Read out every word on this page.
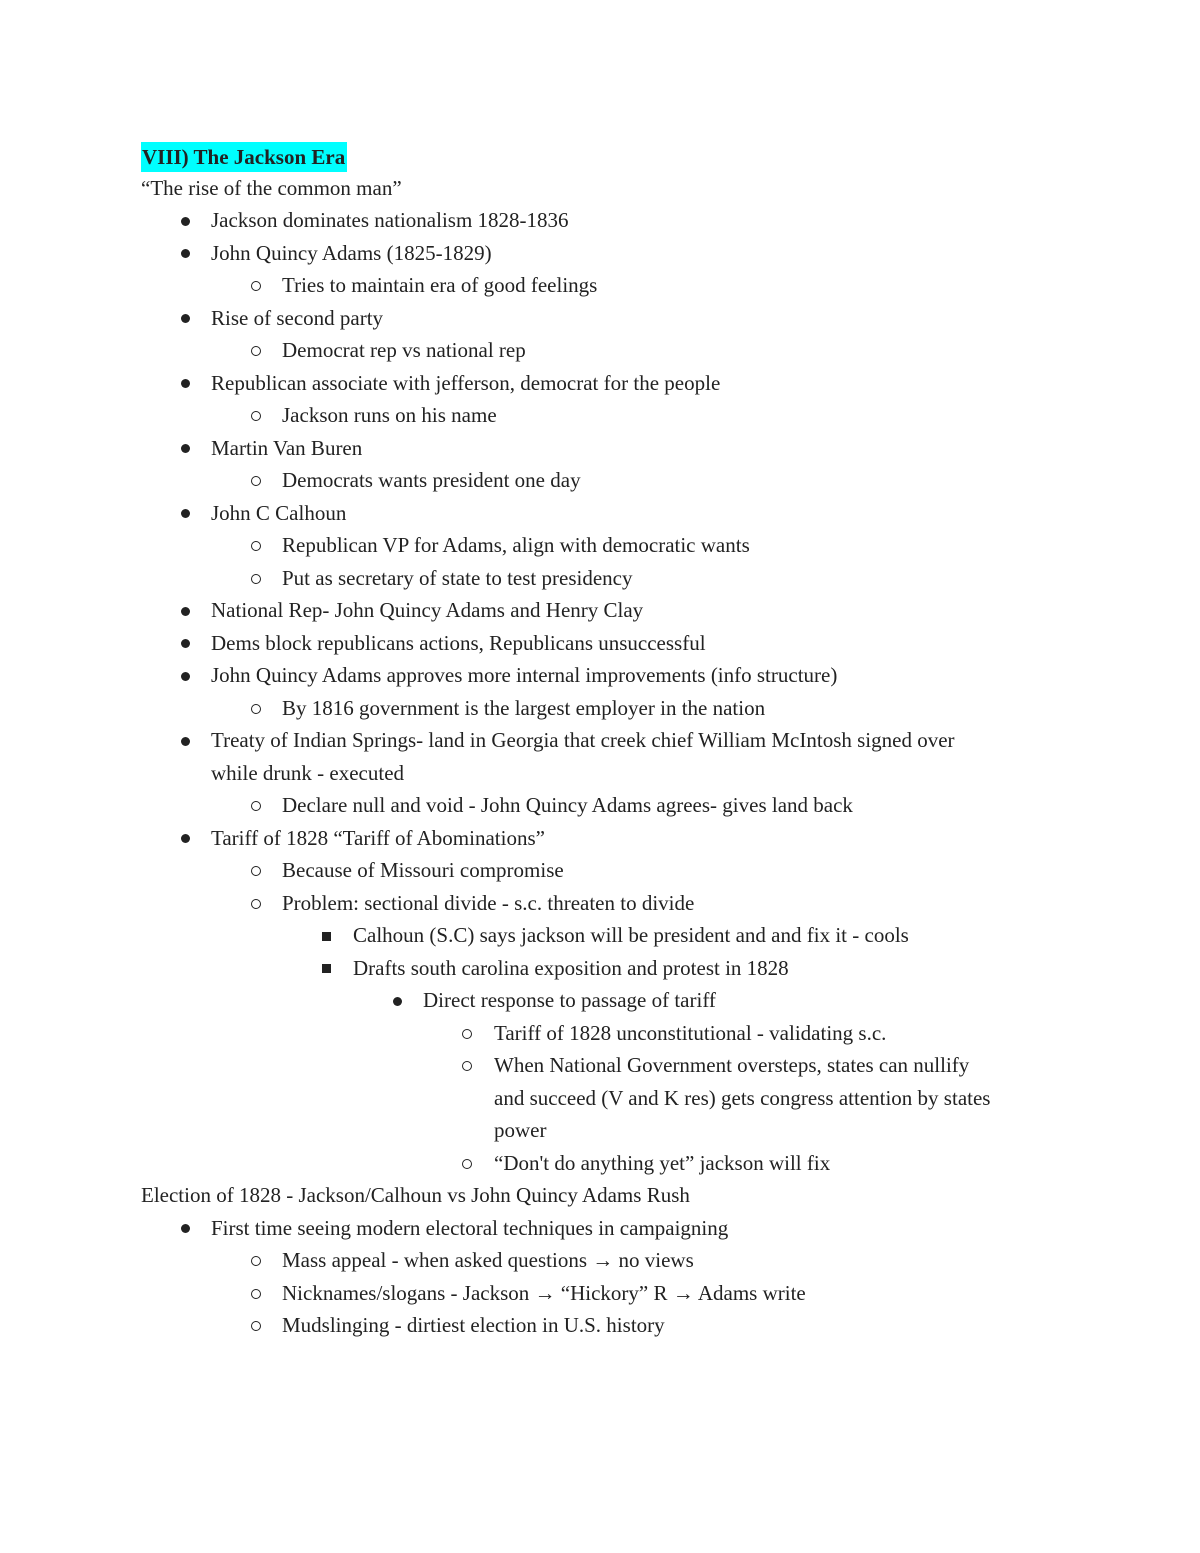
VIII) The Jackson Era
“The rise of the common man”
Jackson dominates nationalism 1828-1836
John Quincy Adams (1825-1829)
Tries to maintain era of good feelings
Rise of second party
Democrat rep vs national rep
Republican associate with jefferson, democrat for the people
Jackson runs on his name
Martin Van Buren
Democrats wants president one day
John C Calhoun
Republican VP for Adams, align with democratic wants
Put as secretary of state to test presidency
National Rep- John Quincy Adams and Henry Clay
Dems block republicans actions, Republicans unsuccessful
John Quincy Adams approves more internal improvements (info structure)
By 1816 government is the largest employer in the nation
Treaty of Indian Springs- land in Georgia that creek chief William McIntosh signed over
while drunk - executed
Declare null and void - John Quincy Adams agrees- gives land back
Tariff of 1828 “Tariff of Abominations”
Because of Missouri compromise
Problem: sectional divide - s.c. threaten to divide
Calhoun (S.C) says jackson will be president and and fix it - cools
Drafts south carolina exposition and protest in 1828
Direct response to passage of tariff
Tariff of 1828 unconstitutional - validating s.c.
When National Government oversteps, states can nullify
and succeed (V and K res) gets congress attention by states
power
“Don't do anything yet” jackson will fix
Election of 1828 - Jackson/Calhoun vs John Quincy Adams Rush
First time seeing modern electoral techniques in campaigning
Mass appeal - when asked questions → no views
Nicknames/slogans - Jackson → “Hickory” R → Adams write
Mudslinging - dirtiest election in U.S. history
